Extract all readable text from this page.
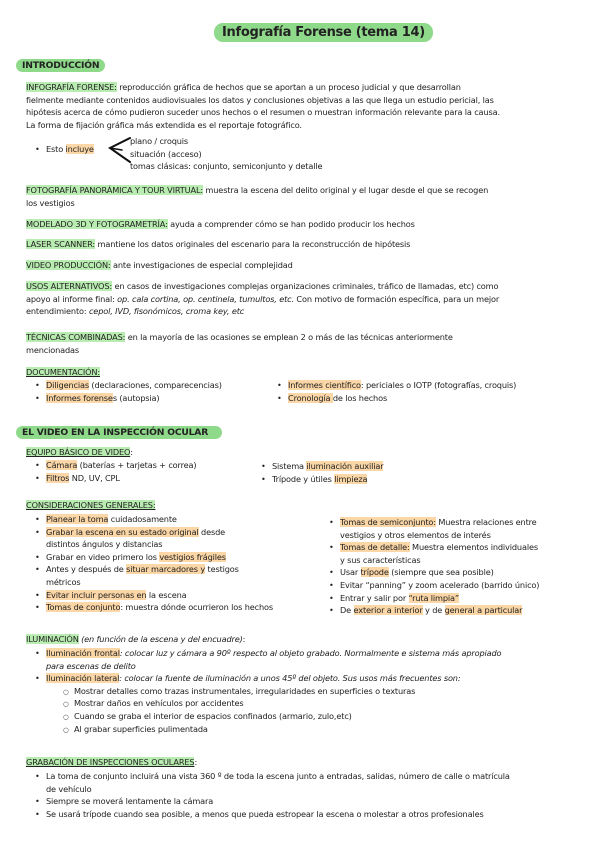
Infografía Forense (tema 14)
INTRODUCCIÓN
INFOGRAFÍA FORENSE: reproducción gráfica de hechos que se aportan a un proceso judicial y que desarrollan
fielmente mediante contenidos audiovisuales los datos y conclusiones objetivas a las que llega un estudio pericial, las
hipótesis acerca de cómo pudieron suceder unos hechos o el resumen o muestran información relevante para la causa.
La forma de fijación gráfica más extendida es el reportaje fotográfico.
• Esto incluye
plano / croquis
situación (acceso)
tomas clásicas: conjunto, semiconjunto y detalle
FOTOGRAFÍA PANORÁMICA Y TOUR VIRTUAL: muestra la escena del delito original y el lugar desde el que se recogen
los vestigios
MODELADO 3D Y FOTOGRAMETRÍA: ayuda a comprender cómo se han podido producir los hechos
LASER SCANNER: mantiene los datos originales del escenario para la reconstrucción de hipótesis
VIDEO PRODUCCIÓN: ante investigaciones de especial complejidad
USOS ALTERNATIVOS: en casos de investigaciones complejas organizaciones criminales, tráfico de llamadas, etc) como
apoyo al informe final: op. cala cortina, op. centinela, tumultos, etc. Con motivo de formación específica, para un mejor
entendimiento: cepol, IVD, fisonómicos, croma key, etc
TÉCNICAS COMBINADAS: en la mayoría de las ocasiones se emplean 2 o más de las técnicas anteriormente
mencionadas
DOCUMENTACIÓN:
• Diligencias (declaraciones, comparecencias)
• Informes forenses (autopsia)
• Informes científico: periciales o IOTP (fotografías, croquis)
• Cronología de los hechos
EL VIDEO EN LA INSPECCIÓN OCULAR
EQUIPO BÁSICO DE VIDEO:
• Cámara (baterías + tarjetas + correa)
• Filtros ND, UV, CPL
• Sistema iluminación auxiliar
• Trípode y útiles limpieza
CONSIDERACIONES GENERALES:
• Planear la toma cuidadosamente
• Grabar la escena en su estado original desde
distintos ángulos y distancias
• Grabar en video primero los vestigios frágiles
• Antes y después de situar marcadores y testigos
métricos
• Evitar incluir personas en la escena
• Tomas de conjunto: muestra dónde ocurrieron los hechos
• Tomas de semiconjunto: Muestra relaciones entre
vestigios y otros elementos de interés
• Tomas de detalle: Muestra elementos individuales
y sus características
• Usar trípode (siempre que sea posible)
• Evitar “panning” y zoom acelerado (barrido único)
• Entrar y salir por “ruta limpia”
• De exterior a interior y de general a particular
ILUMINACIÓN (en función de la escena y del encuadre):
• Iluminación frontal: colocar luz y cámara a 90º respecto al objeto grabado. Normalmente e sistema más apropiado
para escenas de delito
• Iluminación lateral: colocar la fuente de iluminación a unos 45º del objeto. Sus usos más frecuentes son:
○ Mostrar detalles como trazas instrumentales, irregularidades en superficies o texturas
○ Mostrar daños en vehículos por accidentes
○ Cuando se graba el interior de espacios confinados (armario, zulo,etc)
○ Al grabar superficies pulimentada
GRABACIÓN DE INSPECCIONES OCULARES:
• La toma de conjunto incluirá una vista 360 º de toda la escena junto a entradas, salidas, número de calle o matrícula
de vehículo
• Siempre se moverá lentamente la cámara
• Se usará trípode cuando sea posible, a menos que pueda estropear la escena o molestar a otros profesionales
